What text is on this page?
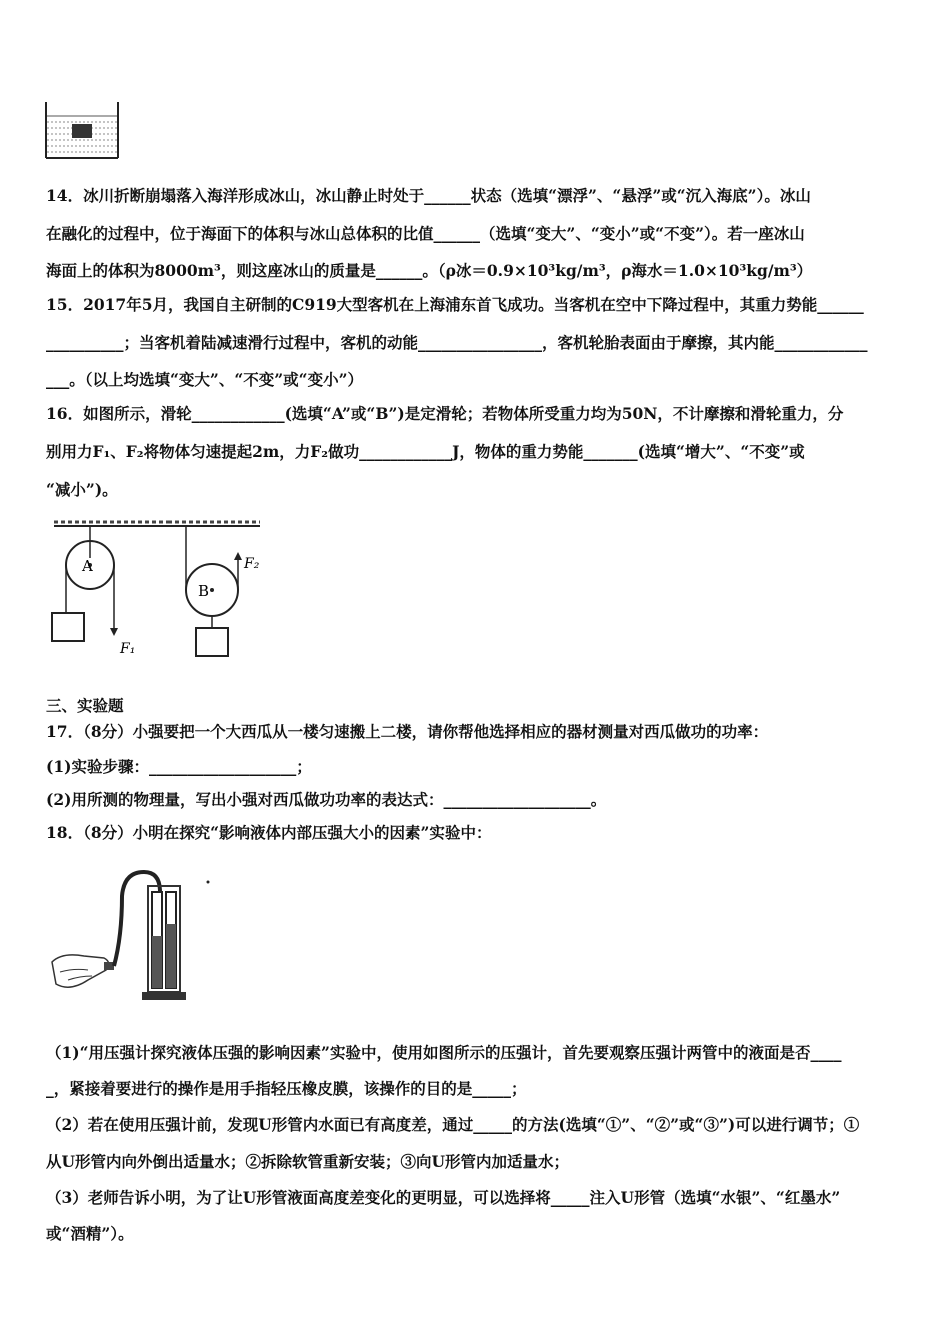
14．冰川折断崩塌落入海洋形成冰山，冰山静止时处于______状态（选填“漂浮”、“悬浮”或“沉入海底”）。冰山
在融化的过程中，位于海面下的体积与冰山总体积的比值______（选填“变大”、“变小”或“不变”）。若一座冰山
海面上的体积为8000m³，则这座冰山的质量是______。（ρ冰＝0.9×10³kg/m³，ρ海水＝1.0×10³kg/m³）
15．2017年5月，我国自主研制的C919大型客机在上海浦东首飞成功。当客机在空中下降过程中，其重力势能______
__________；当客机着陆减速滑行过程中，客机的动能________________，客机轮胎表面由于摩擦，其内能____________
___。（以上均选填“变大”、“不变”或“变小”）
16．如图所示，滑轮____________(选填“A”或“B”)是定滑轮；若物体所受重力均为50N，不计摩擦和滑轮重力，分
别用力F₁、F₂将物体匀速提起2m，力F₂做功____________J，物体的重力势能_______(选填“增大”、“不变”或
“减小”)。
A
F₁
B
F₂
三、实验题
17．（8分）小强要把一个大西瓜从一楼匀速搬上二楼，请你帮他选择相应的器材测量对西瓜做功的功率：
(1)实验步骤：___________________；
(2)用所测的物理量，写出小强对西瓜做功功率的表达式：___________________。
18．（8分）小明在探究“影响液体内部压强大小的因素”实验中：
（1)“用压强计探究液体压强的影响因素”实验中，使用如图所示的压强计，首先要观察压强计两管中的液面是否____
_，紧接着要进行的操作是用手指轻压橡皮膜，该操作的目的是_____；
（2）若在使用压强计前，发现U形管内水面已有高度差，通过_____的方法(选填“①”、“②”或“③”)可以进行调节；①
从U形管内向外倒出适量水；②拆除软管重新安装；③向U形管内加适量水；
（3）老师告诉小明，为了让U形管液面高度差变化的更明显，可以选择将_____注入U形管（选填“水银”、“红墨水”
或“酒精”）。
